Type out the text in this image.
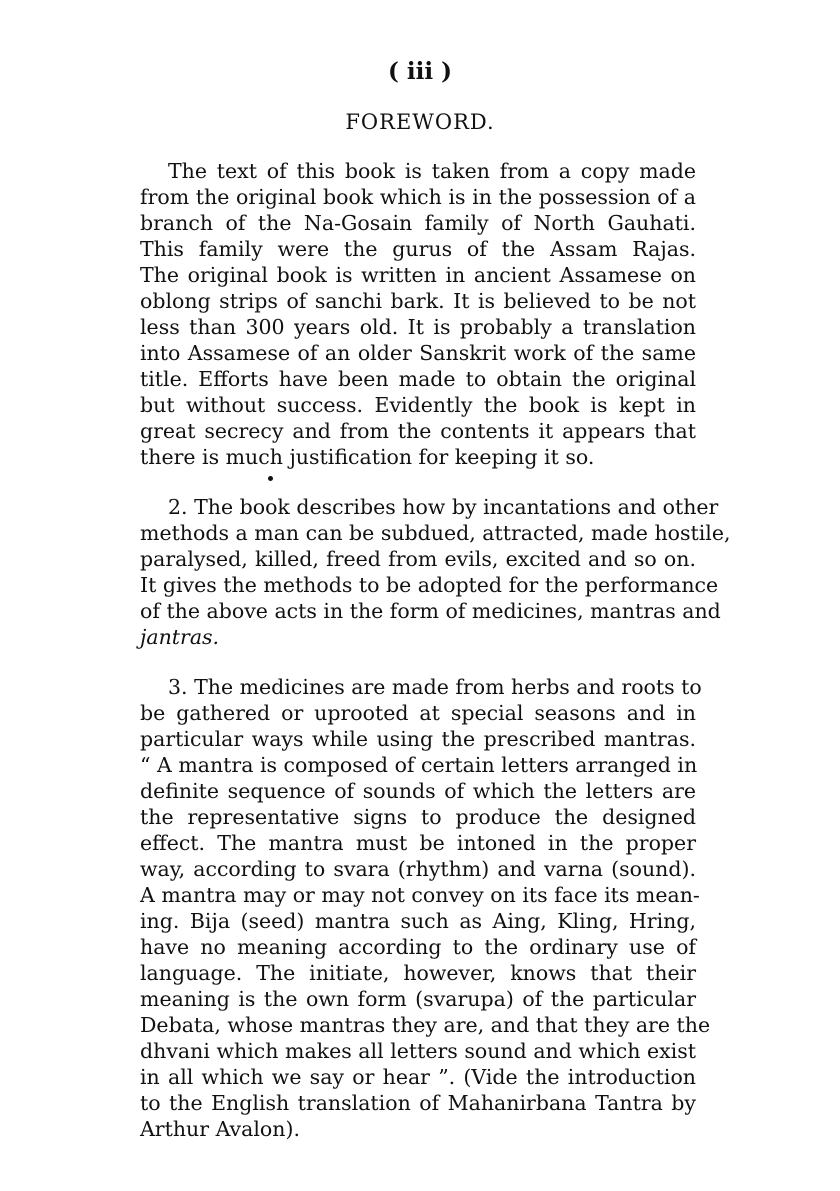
( iii )
FOREWORD.
The text of this book is taken from a copy made
from the original book which is in the possession of a
branch of the Na-Gosain family of North Gauhati.
This family were the gurus of the Assam Rajas.
The original book is written in ancient Assamese on
oblong strips of sanchi bark. It is believed to be not
less than 300 years old. It is probably a translation
into Assamese of an older Sanskrit work of the same
title. Efforts have been made to obtain the original
but without success. Evidently the book is kept in
great secrecy and from the contents it appears that
there is much justification for keeping it so.
2. The book describes how by incantations and other
methods a man can be subdued, attracted, made hostile,
paralysed, killed, freed from evils, excited and so on.
It gives the methods to be adopted for the performance
of the above acts in the form of medicines, mantras and
jantras.
3. The medicines are made from herbs and roots to
be gathered or uprooted at special seasons and in
particular ways while using the prescribed mantras.
“ A mantra is composed of certain letters arranged in
definite sequence of sounds of which the letters are
the representative signs to produce the designed
effect. The mantra must be intoned in the proper
way, according to svara (rhythm) and varna (sound).
A mantra may or may not convey on its face its mean-
ing. Bija (seed) mantra such as Aing, Kling, Hring,
have no meaning according to the ordinary use of
language. The initiate, however, knows that their
meaning is the own form (svarupa) of the particular
Debata, whose mantras they are, and that they are the
dhvani which makes all letters sound and which exist
in all which we say or hear ”. (Vide the introduction
to the English translation of Mahanirbana Tantra by
Arthur Avalon).
